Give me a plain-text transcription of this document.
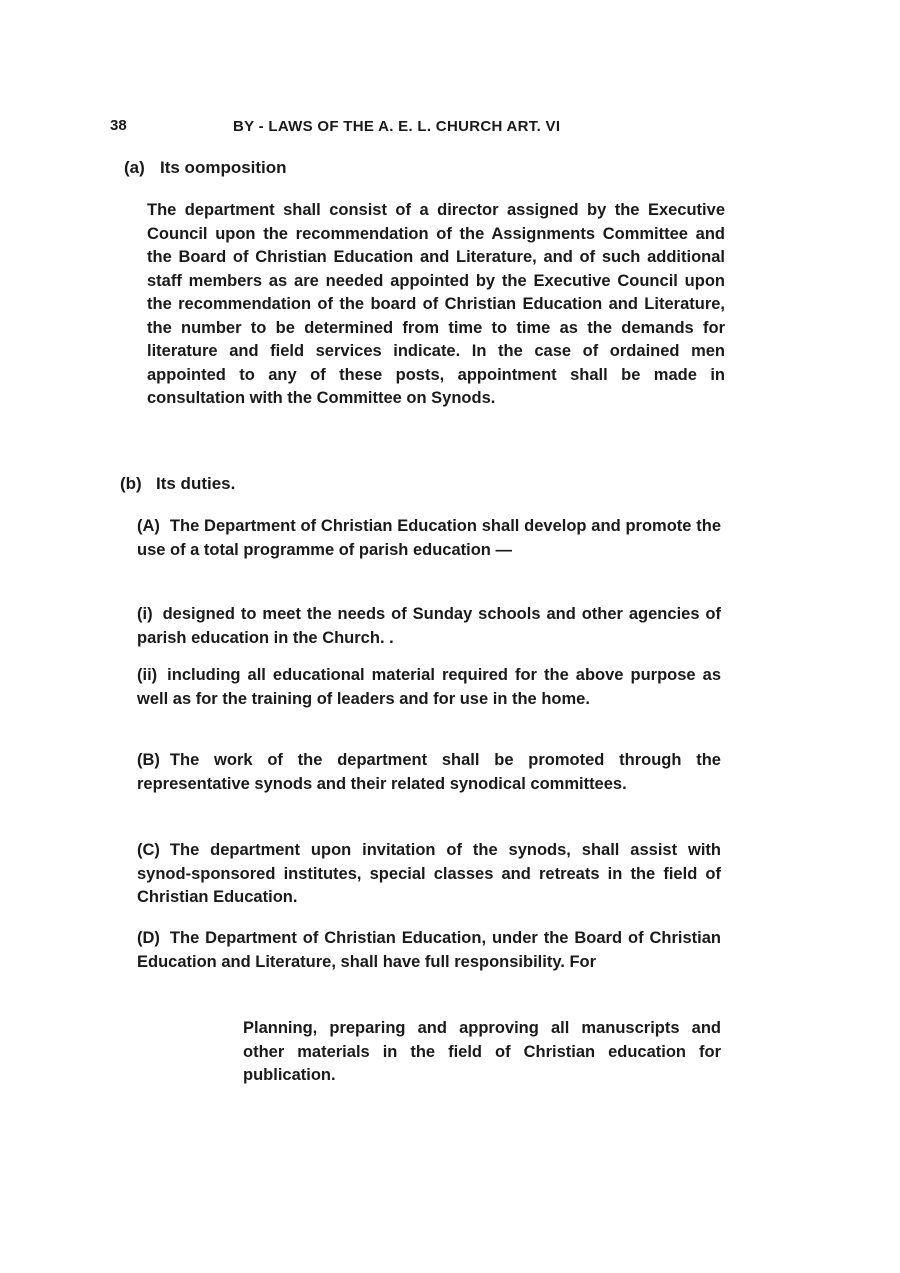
38	BY - LAWS OF THE A. E. L. CHURCH ART. VI
(a) Its oomposition

The department shall consist of a director assigned by the Executive Council upon the recommendation of the Assignments Committee and the Board of Christian Education and Literature, and of such additional staff members as are needed appointed by the Executive Council upon the recommendation of the board of Christian Education and Literature, the number to be determined from time to time as the demands for literature and field services indicate. In the case of ordained men appointed to any of these posts, appointment shall be made in consultation with the Committee on Synods.

(b) Its duties.

(A) The Department of Christian Education shall develop and promote the use of a total programme of parish education —

(i) designed to meet the needs of Sunday schools and other agencies of parish education in the Church. .

(ii) including all educational material required for the above purpose as well as for the training of leaders and for use in the home.

(B) The work of the department shall be promoted through the representative synods and their related synodical committees.

(C) The department upon invitation of the synods, shall assist with synod-sponsored institutes, special classes and retreats in the field of Christian Education.

(D) The Department of Christian Education, under the Board of Christian Education and Literature, shall have full responsibility. For

Planning, preparing and approving all manuscripts and other materials in the field of Christian education for publication.
